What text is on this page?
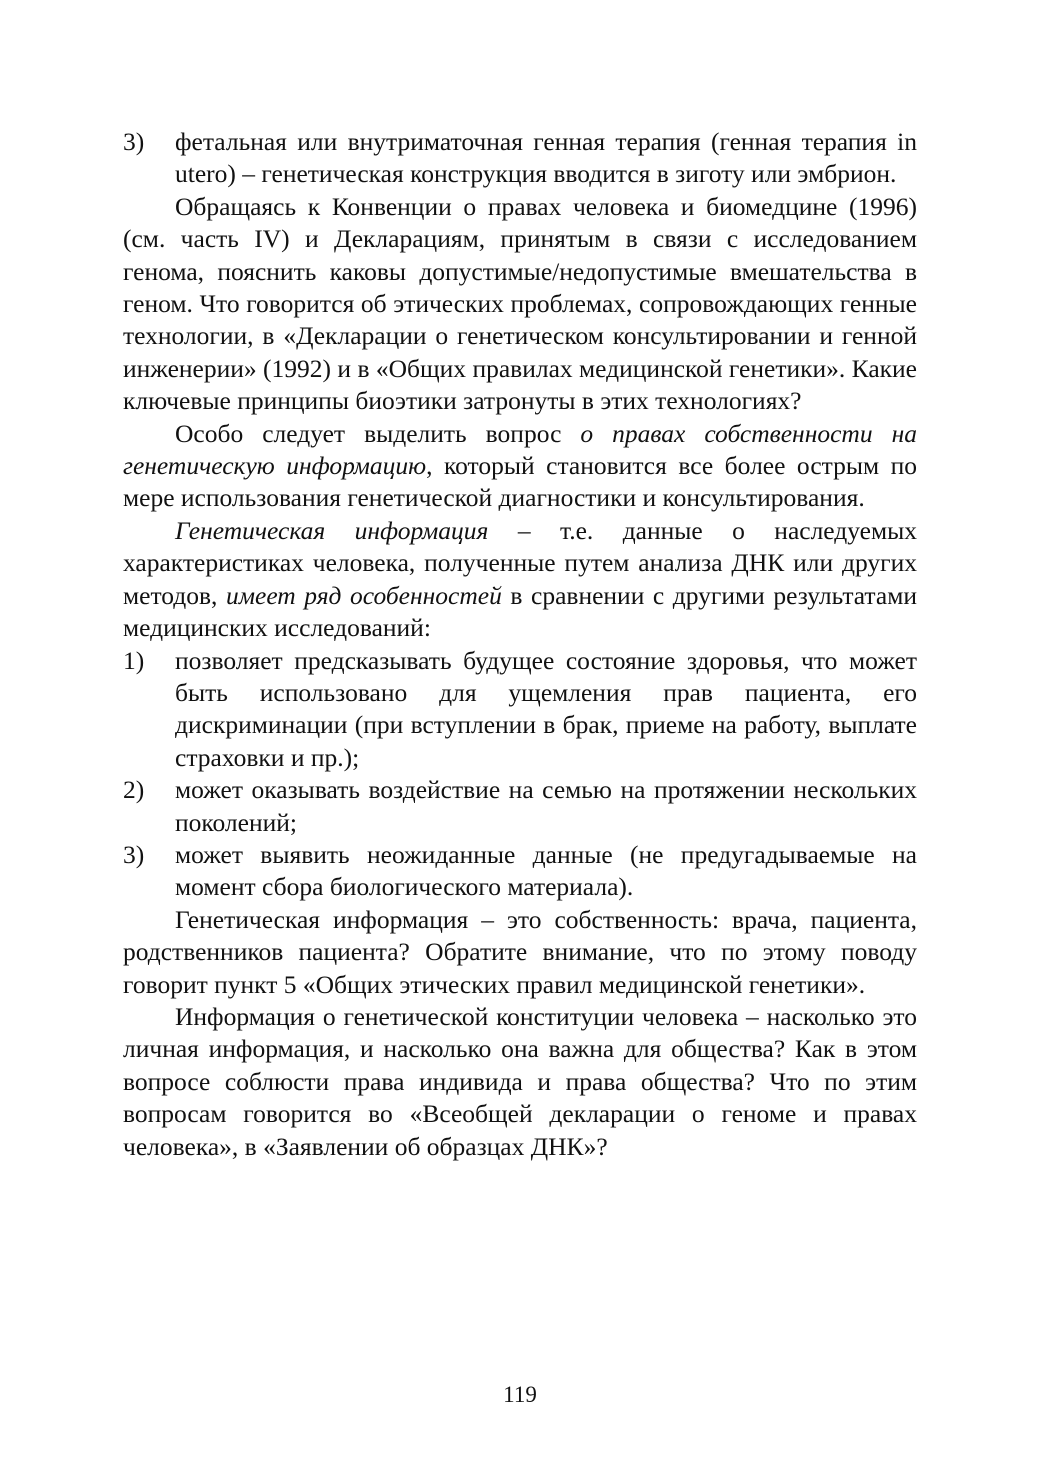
3)	фетальная или внутриматочная генная терапия (генная терапия in utero) – генетическая конструкция вводится в зиготу или эмбрион.

Обращаясь к Конвенции о правах человека и биомедцине (1996) (см. часть IV) и Декларациям, принятым в связи с исследованием генома, пояснить каковы допустимые/недопустимые вмешательства в геном. Что говорится об этических проблемах, сопровождающих генные технологии, в «Декларации о генетическом консультировании и генной инженерии» (1992) и в «Общих правилах медицинской генетики». Какие ключевые принципы биоэтики затронуты в этих технологиях?

Особо следует выделить вопрос о правах собственности на генетическую информацию, который становится все более острым по мере использования генетической диагностики и консультирования.

Генетическая информация – т.е. данные о наследуемых характеристиках человека, полученные путем анализа ДНК или других методов, имеет ряд особенностей в сравнении с другими результатами медицинских исследований:

1)	позволяет предсказывать будущее состояние здоровья, что может быть использовано для ущемления прав пациента, его дискриминации (при вступлении в брак, приеме на работу, выплате страховки и пр.);
2)	может оказывать воздействие на семью на протяжении нескольких поколений;
3)	может выявить неожиданные данные (не предугадываемые на момент сбора биологического материала).

Генетическая информация – это собственность: врача, пациента, родственников пациента? Обратите внимание, что по этому поводу говорит пункт 5 «Общих этических правил медицинской генетики».

Информация о генетической конституции человека – насколько это личная информация, и насколько она важна для общества? Как в этом вопросе соблюсти права индивида и права общества? Что по этим вопросам говорится во «Всеобщей декларации о геноме и правах человека», в «Заявлении об образцах ДНК»?

119
